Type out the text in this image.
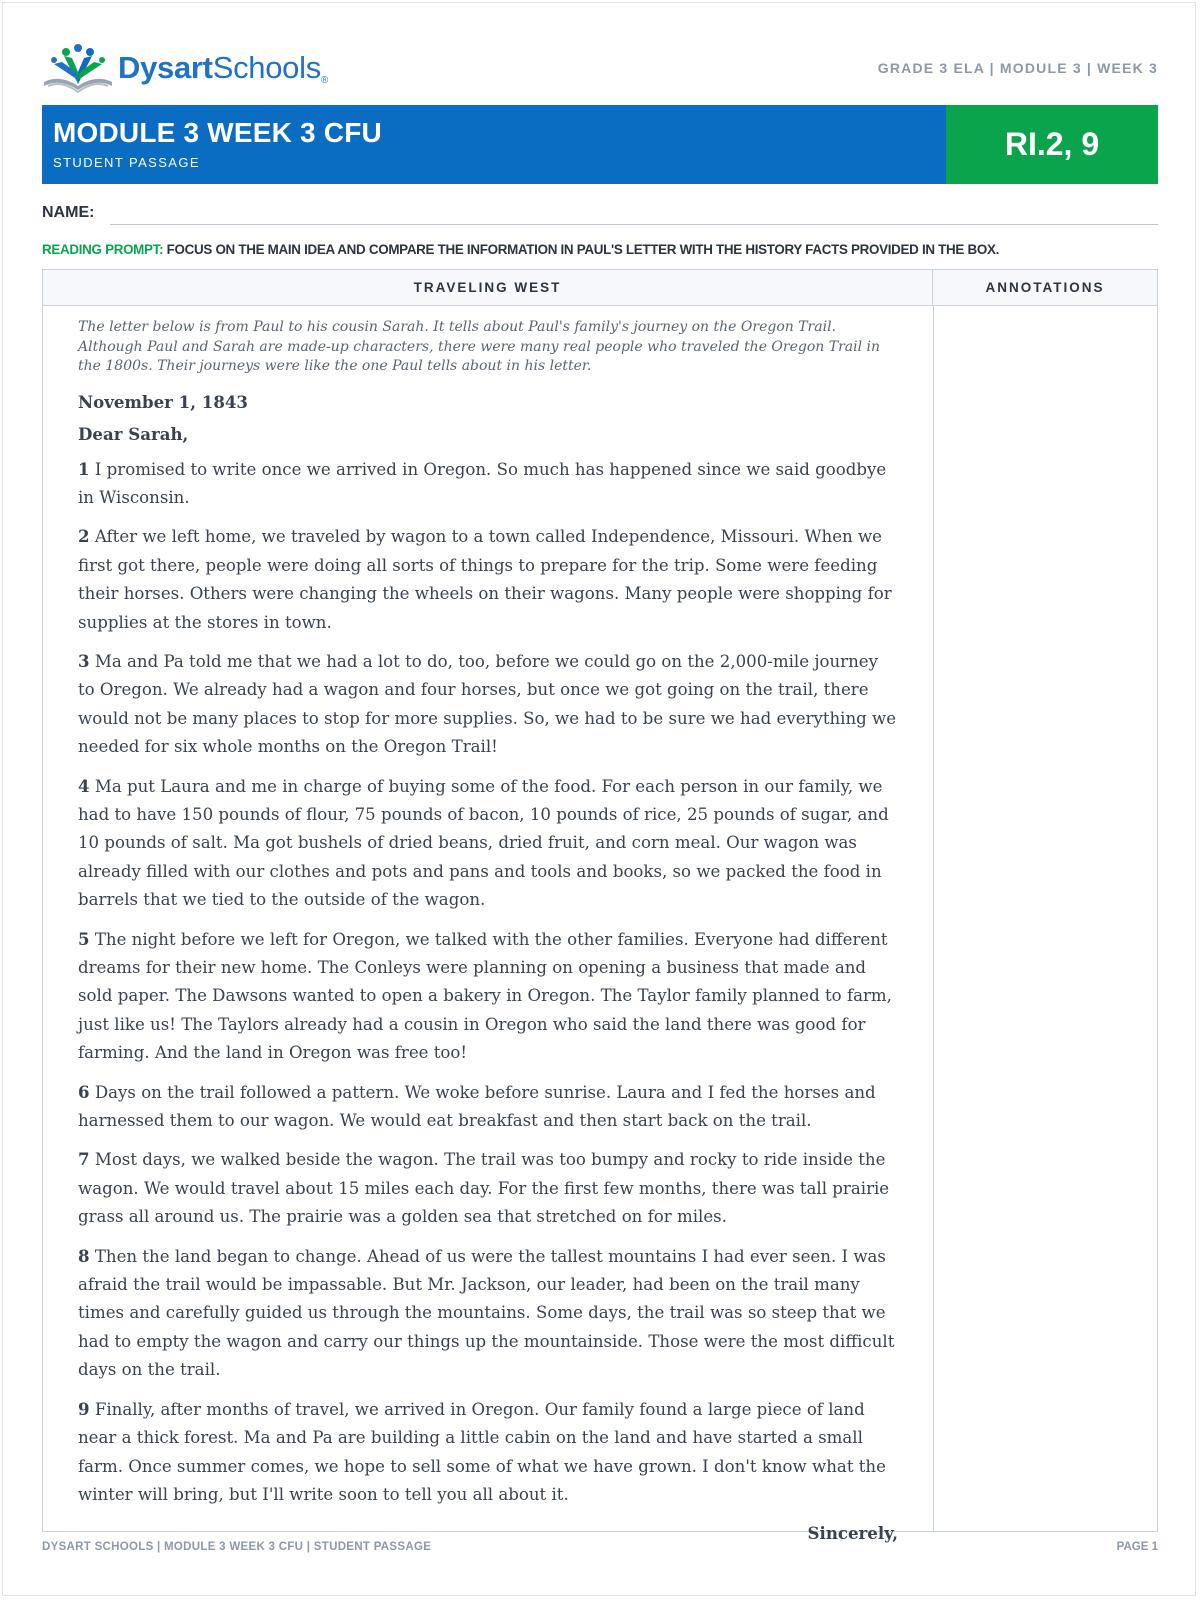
DysartSchools®
GRADE 3 ELA | MODULE 3 | WEEK 3
MODULE 3 WEEK 3 CFU
STUDENT PASSAGE
RI.2, 9
NAME:
READING PROMPT: FOCUS ON THE MAIN IDEA AND COMPARE THE INFORMATION IN PAUL'S LETTER WITH THE HISTORY FACTS PROVIDED IN THE BOX.
TRAVELING WEST	ANNOTATIONS

The letter below is from Paul to his cousin Sarah. It tells about Paul's family's journey on the Oregon Trail. Although Paul and Sarah are made-up characters, there were many real people who traveled the Oregon Trail in the 1800s. Their journeys were like the one Paul tells about in his letter.

November 1, 1843

Dear Sarah,

1 I promised to write once we arrived in Oregon. So much has happened since we said goodbye in Wisconsin.

2 After we left home, we traveled by wagon to a town called Independence, Missouri. When we first got there, people were doing all sorts of things to prepare for the trip. Some were feeding their horses. Others were changing the wheels on their wagons. Many people were shopping for supplies at the stores in town.

3 Ma and Pa told me that we had a lot to do, too, before we could go on the 2,000-mile journey to Oregon. We already had a wagon and four horses, but once we got going on the trail, there would not be many places to stop for more supplies. So, we had to be sure we had everything we needed for six whole months on the Oregon Trail!

4 Ma put Laura and me in charge of buying some of the food. For each person in our family, we had to have 150 pounds of flour, 75 pounds of bacon, 10 pounds of rice, 25 pounds of sugar, and 10 pounds of salt. Ma got bushels of dried beans, dried fruit, and corn meal. Our wagon was already filled with our clothes and pots and pans and tools and books, so we packed the food in barrels that we tied to the outside of the wagon.

5 The night before we left for Oregon, we talked with the other families. Everyone had different dreams for their new home. The Conleys were planning on opening a business that made and sold paper. The Dawsons wanted to open a bakery in Oregon. The Taylor family planned to farm, just like us! The Taylors already had a cousin in Oregon who said the land there was good for farming. And the land in Oregon was free too!

6 Days on the trail followed a pattern. We woke before sunrise. Laura and I fed the horses and harnessed them to our wagon. We would eat breakfast and then start back on the trail.

7 Most days, we walked beside the wagon. The trail was too bumpy and rocky to ride inside the wagon. We would travel about 15 miles each day. For the first few months, there was tall prairie grass all around us. The prairie was a golden sea that stretched on for miles.

8 Then the land began to change. Ahead of us were the tallest mountains I had ever seen. I was afraid the trail would be impassable. But Mr. Jackson, our leader, had been on the trail many times and carefully guided us through the mountains. Some days, the trail was so steep that we had to empty the wagon and carry our things up the mountainside. Those were the most difficult days on the trail.

9 Finally, after months of travel, we arrived in Oregon. Our family found a large piece of land near a thick forest. Ma and Pa are building a little cabin on the land and have started a small farm. Once summer comes, we hope to sell some of what we have grown. I don't know what the winter will bring, but I'll write soon to tell you all about it.

Sincerely,

DYSART SCHOOLS | MODULE 3 WEEK 3 CFU | STUDENT PASSAGE	PAGE 1
